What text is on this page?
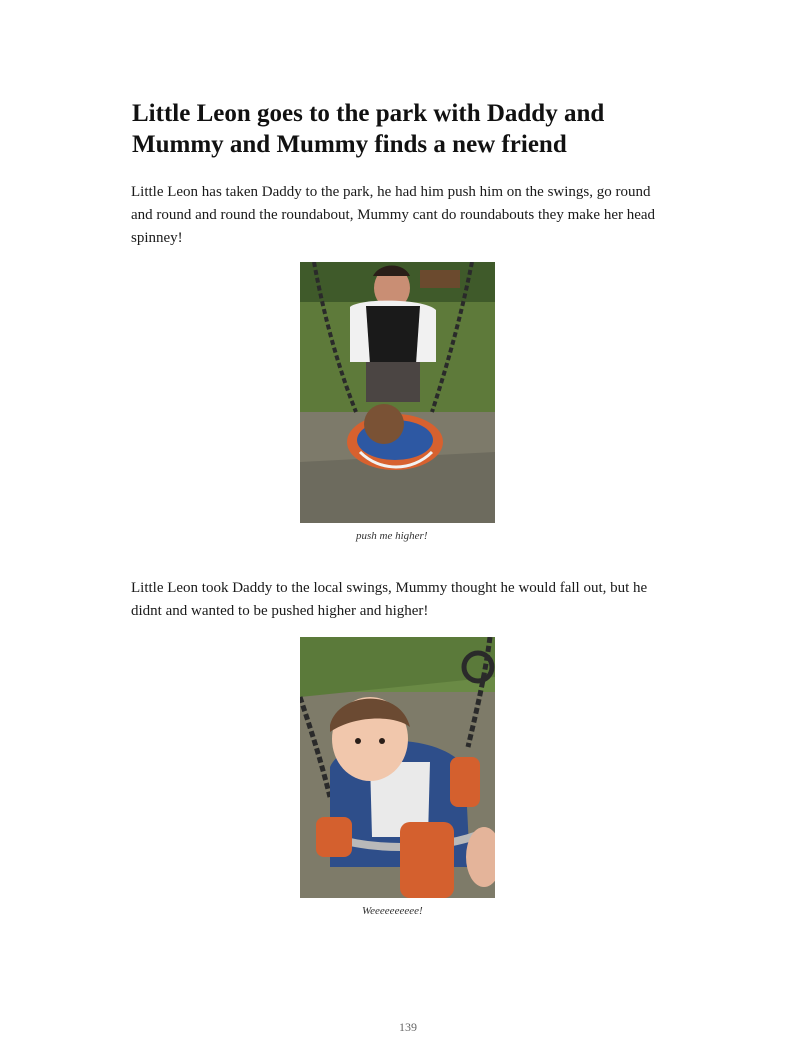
Little Leon goes to the park with Daddy and Mummy and Mummy finds a new friend

Little Leon has taken Daddy to the park, he had him push him on the swings, go round and round and round the roundabout, Mummy cant do roundabouts they make her head spinney!

push me higher!

Little Leon took Daddy to the local swings, Mummy thought he would fall out, but he didnt and wanted to be pushed higher and higher!

Weeeeeeeeee!
139
